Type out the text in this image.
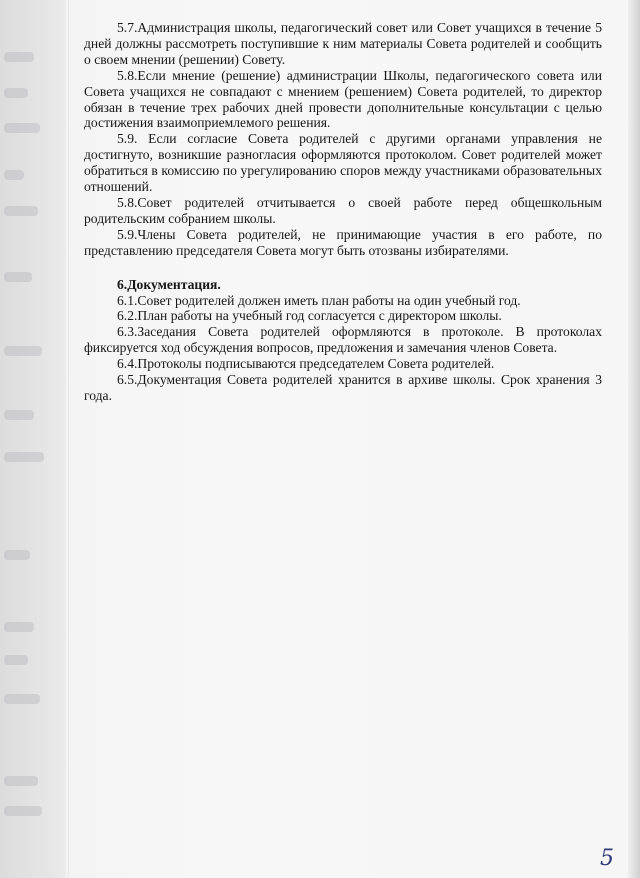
5.7.Администрация школы, педагогический совет или Совет учащихся в течение 5 дней должны рассмотреть поступившие к ним материалы Совета родителей и сообщить о своем мнении (решении) Совету.

5.8.Если мнение (решение) администрации Школы, педагогического совета или Совета учащихся не совпадают с мнением (решением) Совета родителей, то директор обязан в течение трех рабочих дней провести дополнительные консультации с целью достижения взаимоприемлемого решения.

5.9. Если согласие Совета родителей с другими органами управления не достигнуто, возникшие разногласия оформляются протоколом. Совет родителей может обратиться в комиссию по урегулированию споров между участниками образовательных отношений.

5.8.Совет родителей отчитывается о своей работе перед общешкольным родительским собранием школы.

5.9.Члены Совета родителей, не принимающие участия в его работе, по представлению председателя Совета могут быть отозваны избирателями.

6.Документация.

6.1.Совет родителей должен иметь план работы на один учебный год.

6.2.План работы на учебный год согласуется с директором школы.

6.3.Заседания Совета родителей оформляются в протоколе. В протоколах фиксируется ход обсуждения вопросов, предложения и замечания членов Совета.

6.4.Протоколы подписываются председателем Совета родителей.

6.5.Документация Совета родителей хранится в архиве школы. Срок хранения 3 года.

5
